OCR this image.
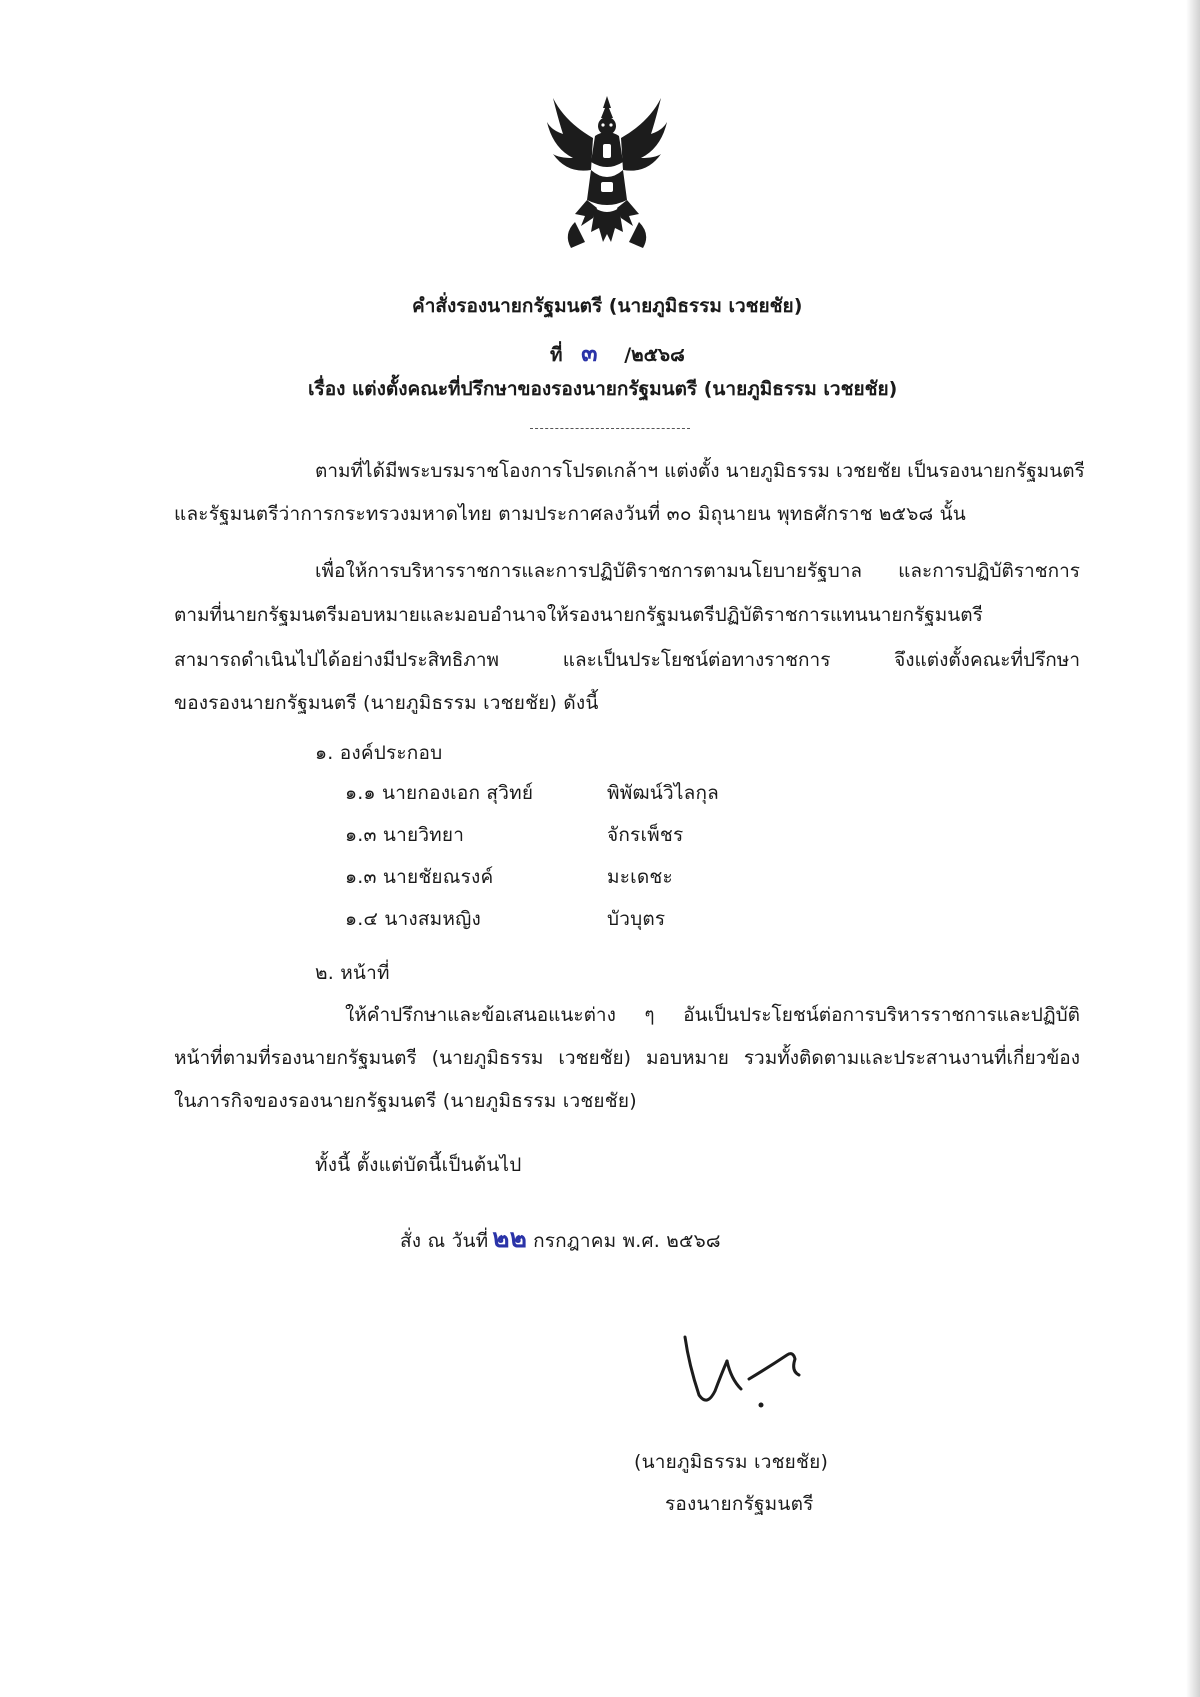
คำสั่งรองนายกรัฐมนตรี (นายภูมิธรรม เวชยชัย)
ที่ ๓ /๒๕๖๘
เรื่อง แต่งตั้งคณะที่ปรึกษาของรองนายกรัฐมนตรี (นายภูมิธรรม เวชยชัย)
ตามที่ได้มีพระบรมราชโองการโปรดเกล้าฯ แต่งตั้ง นายภูมิธรรม เวชยชัย เป็นรองนายกรัฐมนตรี
และรัฐมนตรีว่าการกระทรวงมหาดไทย ตามประกาศลงวันที่ ๓๐ มิถุนายน พุทธศักราช ๒๕๖๘ นั้น
เพื่อให้การบริหารราชการและการปฏิบัติราชการตามนโยบายรัฐบาล และการปฏิบัติราชการ
ตามที่นายกรัฐมนตรีมอบหมายและมอบอำนาจให้รองนายกรัฐมนตรีปฏิบัติราชการแทนนายกรัฐมนตรี
สามารถดำเนินไปได้อย่างมีประสิทธิภาพ และเป็นประโยชน์ต่อทางราชการ จึงแต่งตั้งคณะที่ปรึกษา
ของรองนายกรัฐมนตรี (นายภูมิธรรม เวชยชัย) ดังนี้
๑. องค์ประกอบ
๑.๑ นายกองเอก สุวิทย์	พิพัฒน์วิไลกุล
๑.๓ นายวิทยา	จักรเพ็ชร
๑.๓ นายชัยณรงค์	มะเดชะ
๑.๔ นางสมหญิง	บัวบุตร
๒. หน้าที่
ให้คำปรึกษาและข้อเสนอแนะต่าง ๆ อันเป็นประโยชน์ต่อการบริหารราชการและปฏิบัติ
หน้าที่ตามที่รองนายกรัฐมนตรี (นายภูมิธรรม เวชยชัย) มอบหมาย รวมทั้งติดตามและประสานงานที่เกี่ยวข้อง
ในภารกิจของรองนายกรัฐมนตรี (นายภูมิธรรม เวชยชัย)
ทั้งนี้ ตั้งแต่บัดนี้เป็นต้นไป
สั่ง ณ วันที่ ๒๒ กรกฎาคม พ.ศ. ๒๕๖๘
(นายภูมิธรรม เวชยชัย)
รองนายกรัฐมนตรี
